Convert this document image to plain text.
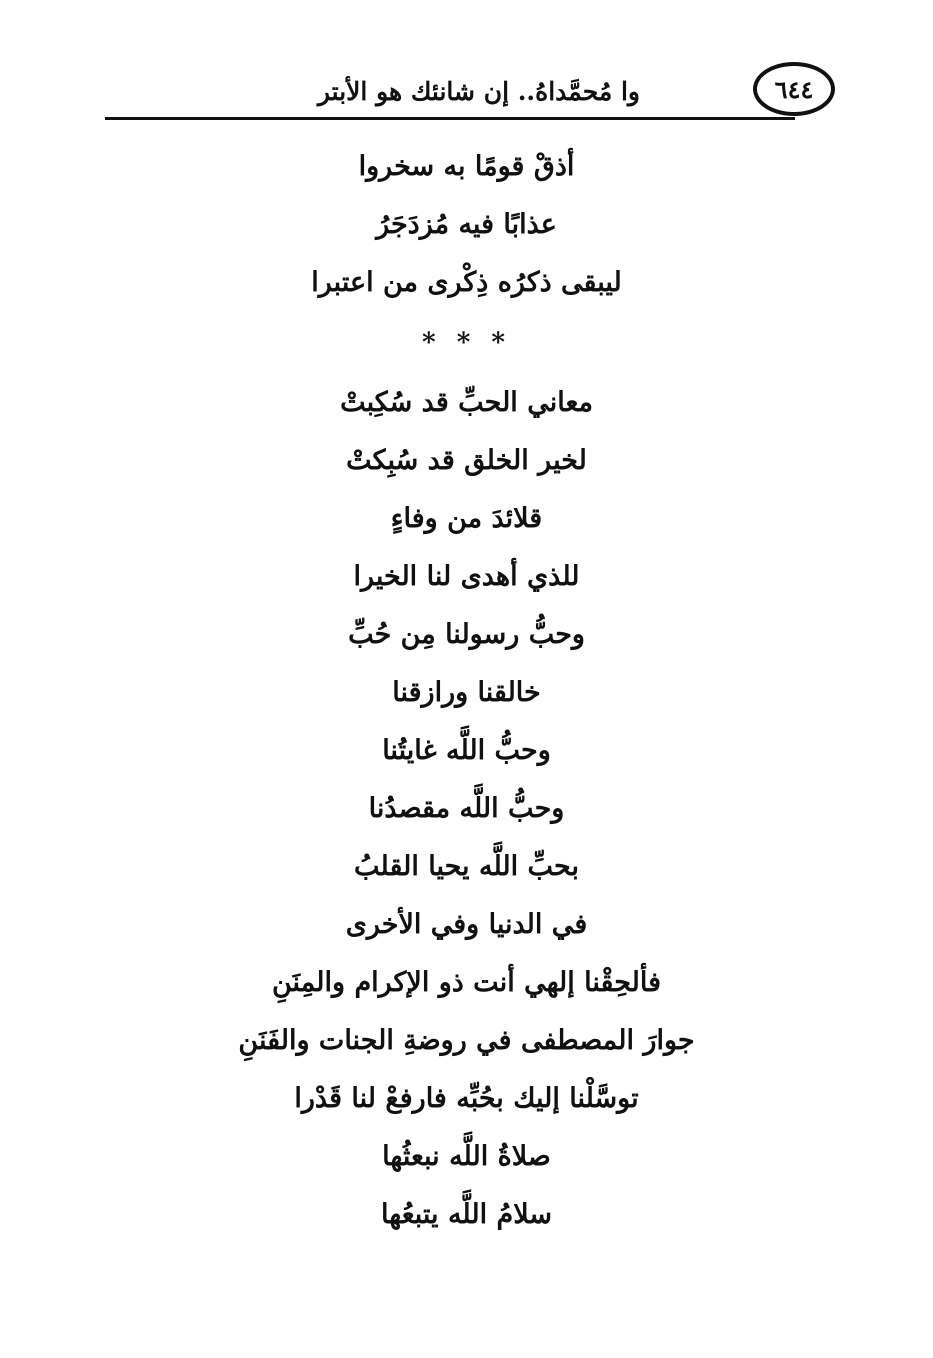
وا مُحمَّداهُ.. إن شانئك هو الأبتر	٦٤٤
أذقْ قومًا به سخروا
عذابًا فيه مُزدَجَرُ
ليبقى ذكرُه ذِكْرى من اعتبرا
* * *
معاني الحبِّ قد سُكِبتْ
لخير الخلق قد سُبِكتْ
قلائدَ من وفاءٍ
للذي أهدى لنا الخيرا
وحبُّ رسولنا مِن حُبِّ
خالقنا ورازقنا
وحبُّ اللَّه غايتُنا
وحبُّ اللَّه مقصدُنا
بحبِّ اللَّه يحيا القلبُ
في الدنيا وفي الأخرى
فألحِقْنا إلهي أنت ذو الإكرام والمِنَنِ
جوارَ المصطفى في روضةِ الجنات والفَنَنِ
توسَّلْنا إليك بحُبِّه فارفعْ لنا قَدْرا
صلاةُ اللَّه نبعثُها
سلامُ اللَّه يتبعُها
